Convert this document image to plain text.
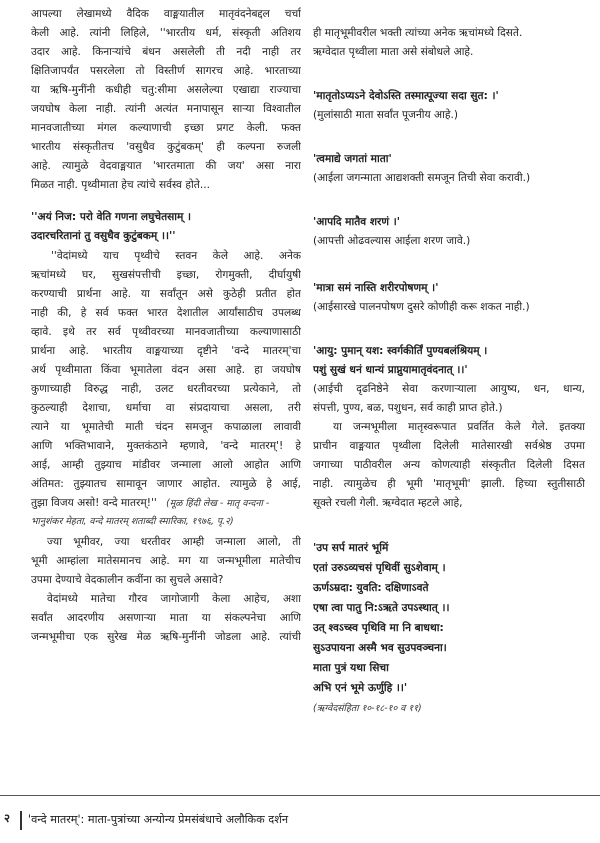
आपल्या लेखामध्ये वैदिक वाङ्मयातील मातृवंदनेबद्दल चर्चा
केली आहे. त्यांनी लिहिले, ''भारतीय धर्म, संस्कृती अतिशय
उदार आहे. किनाऱ्यांचे बंधन असलेली ती नदी नाही तर
क्षितिजापर्यंत पसरलेला तो विस्तीर्ण सागरच आहे. भारताच्या
या ऋषि-मुनींनी कधीही चतु:सीमा असलेल्या एखाद्या राज्याचा
जयघोष केला नाही. त्यांनी अत्यंत मनापासून साऱ्या विश्वातील
मानवजातीच्या मंगल कल्याणाची इच्छा प्रगट केली. फक्त
भारतीय संस्कृतीतच 'वसुधैव कुटुंबकम्' ही कल्पना रुजली
आहे. त्यामुळे वेदवाङ्मयात 'भारतमाता की जय' असा नारा
मिळत नाही. पृथ्वीमाता हेच त्यांचे सर्वस्व होते...
''अयं निज: परो वेति गणना लघुचेतसाम् ।
उदारचरितानां तु वसुधैव कुटुंबकम् ।।''
''वेदांमध्ये याच पृथ्वीचे स्तवन केले आहे. अनेक
ऋचांमध्ये घर, सुखसंपत्तीची इच्छा, रोगमुक्ती, दीर्घायुषी
करण्याची प्रार्थना आहे. या सर्वांतून असे कुठेही प्रतीत होत
नाही की, हे सर्व फक्त भारत देशातील आर्यांसाठीच उपलब्ध
व्हावे. इथे तर सर्व पृथ्वीवरच्या मानवजातीच्या कल्याणासाठी
प्रार्थना आहे. भारतीय वाङ्मयाच्या दृष्टीने 'वन्दे मातरम्'चा
अर्थ पृथ्वीमाता किंवा भूमातेला वंदन असा आहे. हा जयघोष
कुणाच्याही विरुद्ध नाही, उलट धरतीवरच्या प्रत्येकाने, तो
कुठल्याही देशाचा, धर्माचा वा संप्रदायाचा असला, तरी
त्याने या भूमातेची माती चंदन समजून कपाळाला लावावी
आणि भक्तिभावाने, मुक्तकंठाने म्हणावे, 'वन्दे मातरम्'! हे
आई, आम्ही तुझ्याच मांडीवर जन्माला आलो आहोत आणि
अंतिमत: तुझ्यातच सामावून जाणार आहोत. त्यामुळे हे आई,
तुझा विजय असो! वन्दे मातरम्!'' (मूळ हिंदी लेख - मातृ वन्दना -
भानुशंकर मेहता, वन्दे मातरम् शताब्दी स्मारिका, १९७६, पृ.२)
ज्या भूमीवर, ज्या धरतीवर आम्ही जन्माला आलो, ती
भूमी आम्हांला मातेसमानच आहे. मग या जन्मभूमीला मातेचीच
उपमा देण्याचे वेदकालीन कवींना का सुचले असावे?
वेदांमध्ये मातेचा गौरव जागोजागी केला आहेच, अशा
सर्वांत आदरणीय असणाऱ्या माता या संकल्पनेचा आणि
जन्मभूमीचा एक सुरेख मेळ ऋषि-मुनींनी जोडला आहे. त्यांची
ही मातृभूमीवरील भक्ती त्यांच्या अनेक ऋचांमध्ये दिसते.
ऋग्वेदात पृथ्वीला माता असे संबोधले आहे.
'मातृतोऽप्यऽने देवोऽस्ति तस्मात्पूज्या सदा सुत: ।'
(मुलांसाठी माता सर्वांत पूजनीय आहे.)
'त्वमाद्ये जगतां माता'
(आईला जगन्माता आद्यशक्ती समजून तिची सेवा करावी.)
'आपदि मातैव शरणं ।'
(आपत्ती ओढवल्यास आईला शरण जावे.)
'मात्रा समं नास्ति शरीरपोषणम् ।'
(आईसारखे पालनपोषण दुसरे कोणीही करू शकत नाही.)
'आयु: पुमान् यश: स्वर्गकीर्तिं पुण्यबलंश्रियम् ।
पशुं सुखं धनं धान्यं प्राप्नुयामातृवंदनात् ।।'
(आईची दृढनिष्ठेने सेवा करणाऱ्याला आयुष्य, धन, धान्य,
संपत्ती, पुण्य, बळ, पशुधन, सर्व काही प्राप्त होते.)
या जन्मभूमीला मातृस्वरूपात प्रवर्तित केले गेले. इतक्या
प्राचीन वाङ्मयात पृथ्वीला दिलेली मातेसारखी सर्वश्रेष्ठ उपमा
जगाच्या पाठीवरील अन्य कोणत्याही संस्कृतीत दिलेली दिसत
नाही. त्यामुळेच ही भूमी 'मातृभूमी' झाली. हिच्या स्तुतीसाठी
सूक्ते रचली गेली. ऋग्वेदात म्हटले आहे,
'उप सर्प मातरं भूमिं
एतां उरुऽव्यचसं पृथिवीं सुऽशेवाम् ।
ऊर्णऽम्रदा: युवति: दक्षिणाऽवते
एषा त्वा पातु नि:ऽऋते उपऽस्थात् ।।
उत् श्वऽच्स्व पृथिवि मा नि बाधथा:
सुऽउपायना अस्मै भव सुउपवञ्चना।
माता पुत्रं यथा सिचा
अभि एनं भूमे ऊर्णुहि ।।'
(ऋग्वेदसंहिता १०-१८-१० व ११)
२ 'वन्दे मातरम्': माता-पुत्रांच्या अन्योन्य प्रेमसंबंधाचे अलौकिक दर्शन
